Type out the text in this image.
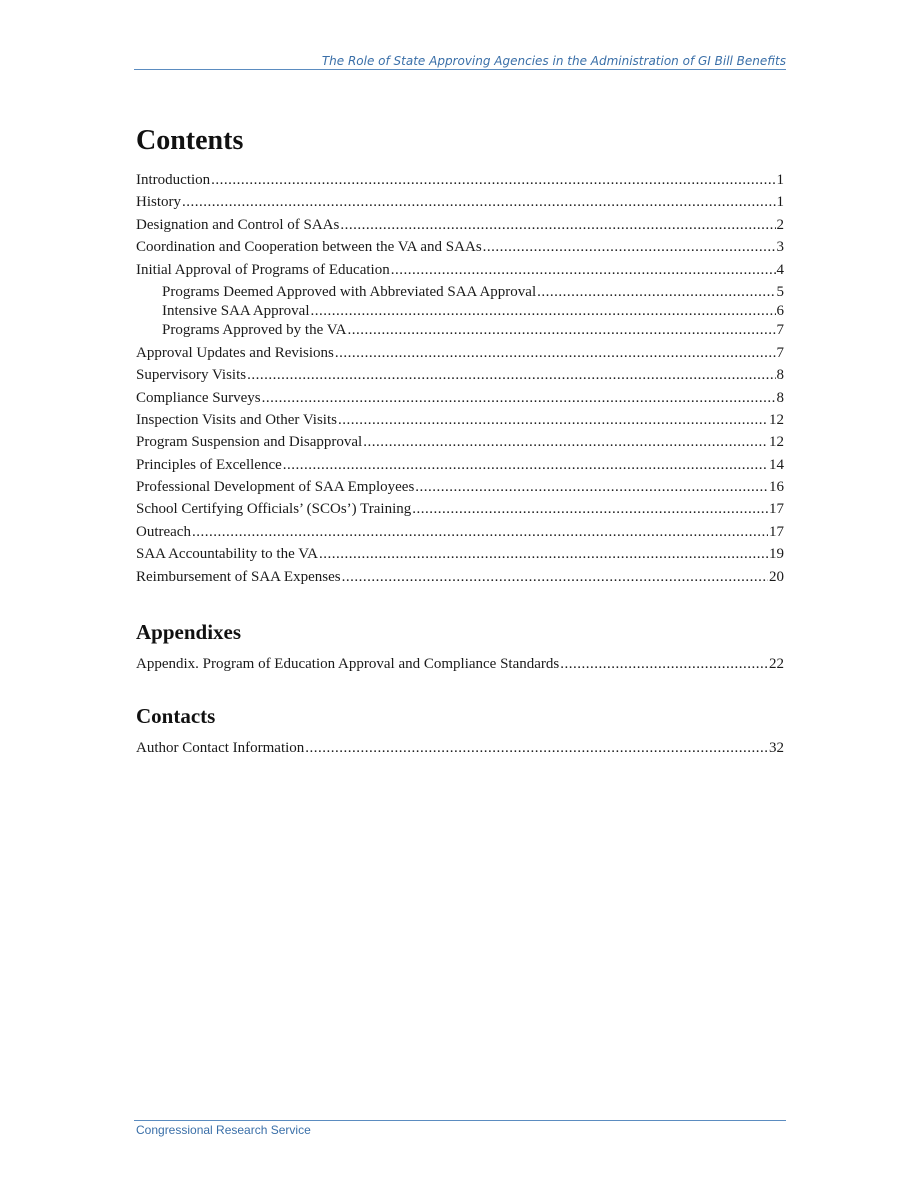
The Role of State Approving Agencies in the Administration of GI Bill Benefits
Contents
Introduction .....	1
History .....	1
Designation and Control of SAAs .....	2
Coordination and Cooperation between the VA and SAAs .....	3
Initial Approval of Programs of Education .....	4
Programs Deemed Approved with Abbreviated SAA Approval .....	5
Intensive SAA Approval .....	6
Programs Approved by the VA .....	7
Approval Updates and Revisions .....	7
Supervisory Visits .....	8
Compliance Surveys .....	8
Inspection Visits and Other Visits .....	12
Program Suspension and Disapproval .....	12
Principles of Excellence .....	14
Professional Development of SAA Employees .....	16
School Certifying Officials’ (SCOs’) Training .....	17
Outreach .....	17
SAA Accountability to the VA .....	19
Reimbursement of SAA Expenses .....	20
Appendixes
Appendix. Program of Education Approval and Compliance Standards .....	22
Contacts
Author Contact Information .....	32
Congressional Research Service
